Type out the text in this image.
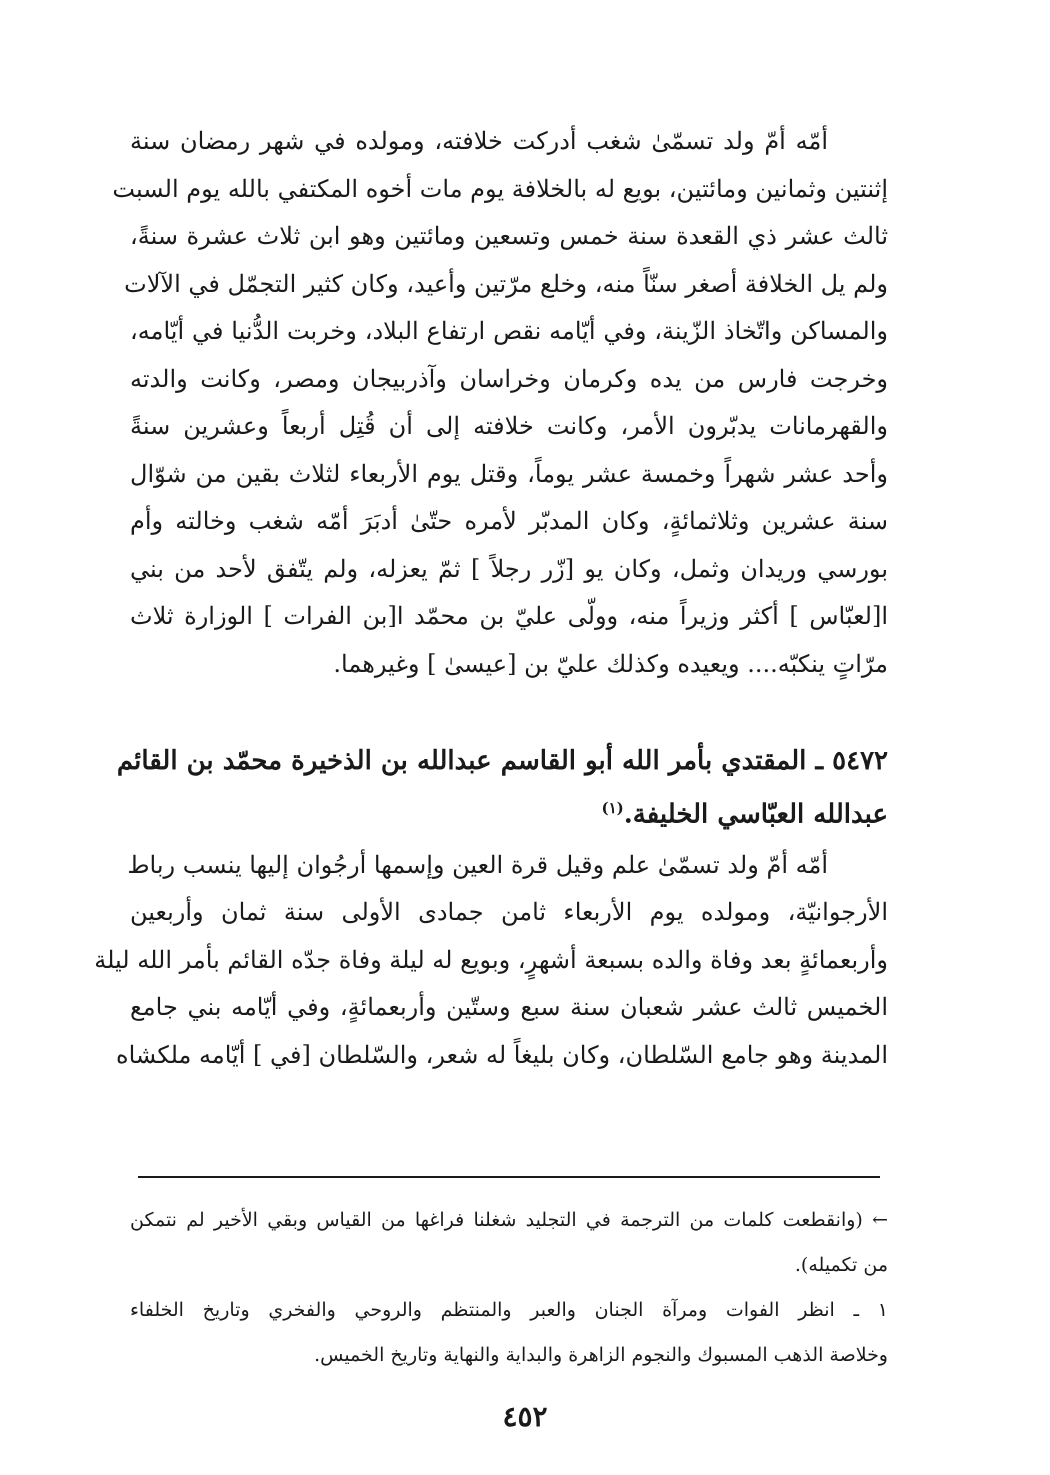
أمّه أمّ ولد تسمّىٰ شغب أدركت خلافته، ومولده في شهر رمضان سنة
إثنتين وثمانين ومائتين، بويع له بالخلافة يوم مات أخوه المكتفي بالله يوم السبت
ثالث عشر ذي القعدة سنة خمس وتسعين ومائتين وهو ابن ثلاث عشرة سنةً،
ولم يل الخلافة أصغر سنّاً منه، وخلع مرّتين وأعيد، وكان كثير التجمّل في الآلات
والمساكن واتّخاذ الزّينة، وفي أيّامه نقص ارتفاع البلاد، وخربت الدُّنيا في أيّامه،
وخرجت فارس من يده وكرمان وخراسان وآذربيجان ومصر، وكانت والدته
والقهرمانات يدبّرون الأمر، وكانت خلافته إلى أن قُتِل أربعاً وعشرين سنةً
وأحد عشر شهراً وخمسة عشر يوماً، وقتل يوم الأربعاء لثلاث بقين من شوّال
سنة عشرين وثلاثمائةٍ، وكان المدبّر لأمره حتّىٰ أدبَرَ أمّه شغب وخالته وأم
بورسي وريدان وثمل، وكان يو [زّر رجلاً ] ثمّ يعزله، ولم يتّفق لأحد من بني
ا[لعبّاس ] أكثر وزيراً منه، وولّى عليّ بن محمّد ا[بن الفرات ] الوزارة ثلاث
مرّاتٍ ينكبّه.... ويعيده وكذلك عليّ بن [عيسىٰ ] وغيرهما.

٥٤٧٢ ـ المقتدي بأمر الله أبو القاسم عبدالله بن الذخيرة محمّد بن القائم
عبدالله العبّاسي الخليفة.$^{(١)}$

أمّه أمّ ولد تسمّىٰ علم وقيل قرة العين وإسمها أرجُوان إليها ينسب رباط
الأرجوانيّة، ومولده يوم الأربعاء ثامن جمادى الأولى سنة ثمان وأربعين
وأربعمائةٍ بعد وفاة والده بسبعة أشهرٍ، وبويع له ليلة وفاة جدّه القائم بأمر الله ليلة
الخميس ثالث عشر شعبان سنة سبع وستّين وأربعمائةٍ، وفي أيّامه بني جامع
المدينة وهو جامع السّلطان، وكان بليغاً له شعر، والسّلطان [في ] أيّامه ملكشاه

← (وانقطعت كلمات من الترجمة في التجليد شغلنا فراغها من القياس وبقي الأخير لم نتمكن
من تكميله).
١ ـ انظر الفوات ومرآة الجنان والعبر والمنتظم والروحي والفخري وتاريخ الخلفاء
وخلاصة الذهب المسبوك والنجوم الزاهرة والبداية والنهاية وتاريخ الخميس.
٤٥٢
